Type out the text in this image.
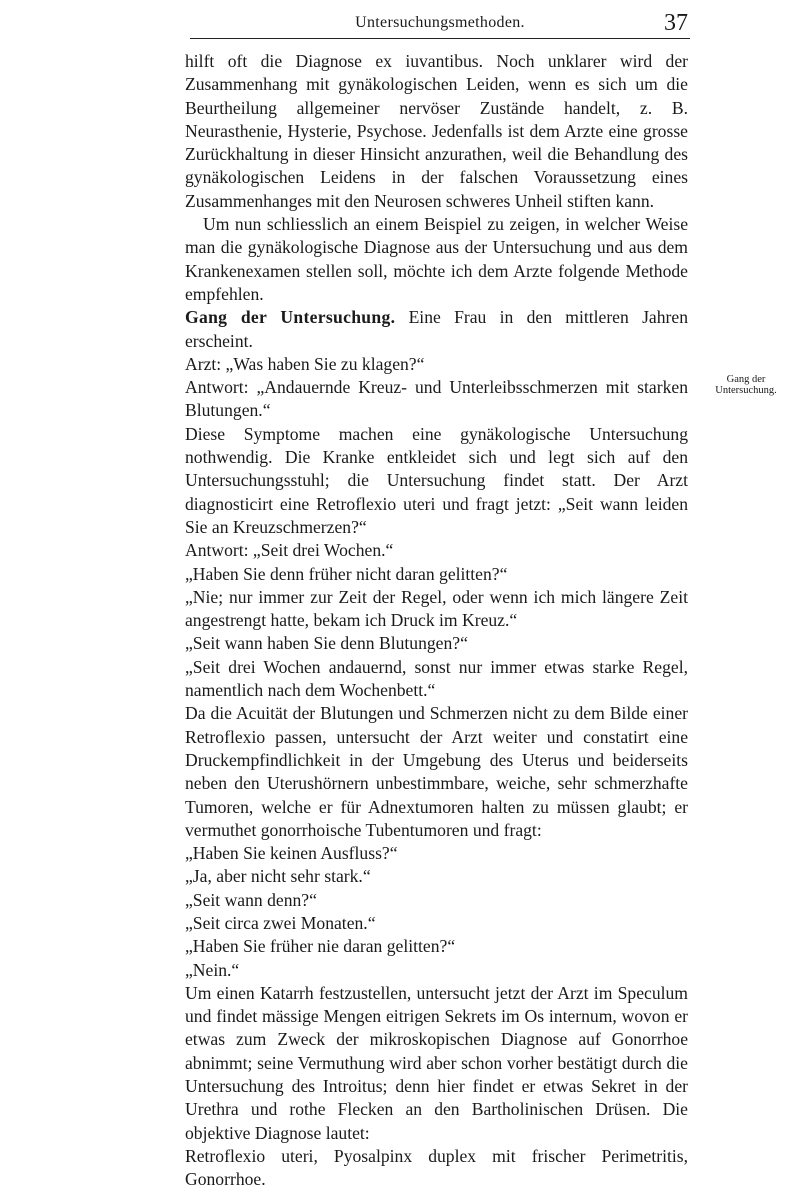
Untersuchungsmethoden.	37
Gang der
Untersuchung.

hilft oft die Diagnose ex iuvantibus. Noch unklarer wird der Zusammenhang mit gynäkologischen Leiden, wenn es sich um die Beurtheilung allgemeiner nervöser Zustände handelt, z. B. Neurasthenie, Hysterie, Psychose. Jedenfalls ist dem Arzte eine grosse Zurückhaltung in dieser Hinsicht anzurathen, weil die Behandlung des gynäkologischen Leidens in der falschen Voraussetzung eines Zusammenhanges mit den Neurosen schweres Unheil stiften kann.

Um nun schliesslich an einem Beispiel zu zeigen, in welcher Weise man die gynäkologische Diagnose aus der Untersuchung und aus dem Krankenexamen stellen soll, möchte ich dem Arzte folgende Methode empfehlen.

Gang der Untersuchung. Eine Frau in den mittleren Jahren erscheint.

Arzt: „Was haben Sie zu klagen?“

Antwort: „Andauernde Kreuz- und Unterleibsschmerzen mit starken Blutungen.“

Diese Symptome machen eine gynäkologische Untersuchung nothwendig. Die Kranke entkleidet sich und legt sich auf den Untersuchungsstuhl; die Untersuchung findet statt. Der Arzt diagnosticirt eine Retroflexio uteri und fragt jetzt: „Seit wann leiden Sie an Kreuzschmerzen?“

Antwort: „Seit drei Wochen.“

„Haben Sie denn früher nicht daran gelitten?“

„Nie; nur immer zur Zeit der Regel, oder wenn ich mich längere Zeit angestrengt hatte, bekam ich Druck im Kreuz.“

„Seit wann haben Sie denn Blutungen?“

„Seit drei Wochen andauernd, sonst nur immer etwas starke Regel, namentlich nach dem Wochenbett.“

Da die Acuität der Blutungen und Schmerzen nicht zu dem Bilde einer Retroflexio passen, untersucht der Arzt weiter und constatirt eine Druckempfindlichkeit in der Umgebung des Uterus und beiderseits neben den Uterushörnern unbestimmbare, weiche, sehr schmerzhafte Tumoren, welche er für Adnextumoren halten zu müssen glaubt; er vermuthet gonorrhoische Tubentumoren und fragt:

„Haben Sie keinen Ausfluss?“

„Ja, aber nicht sehr stark.“

„Seit wann denn?“

„Seit circa zwei Monaten.“

„Haben Sie früher nie daran gelitten?“

„Nein.“

Um einen Katarrh festzustellen, untersucht jetzt der Arzt im Speculum und findet mässige Mengen eitrigen Sekrets im Os internum, wovon er etwas zum Zweck der mikroskopischen Diagnose auf Gonorrhoe abnimmt; seine Vermuthung wird aber schon vorher bestätigt durch die Untersuchung des Introitus; denn hier findet er etwas Sekret in der Urethra und rothe Flecken an den Bartholinischen Drüsen. Die objektive Diagnose lautet:

Retroflexio uteri, Pyosalpinx duplex mit frischer Perimetritis, Gonorrhoe.
